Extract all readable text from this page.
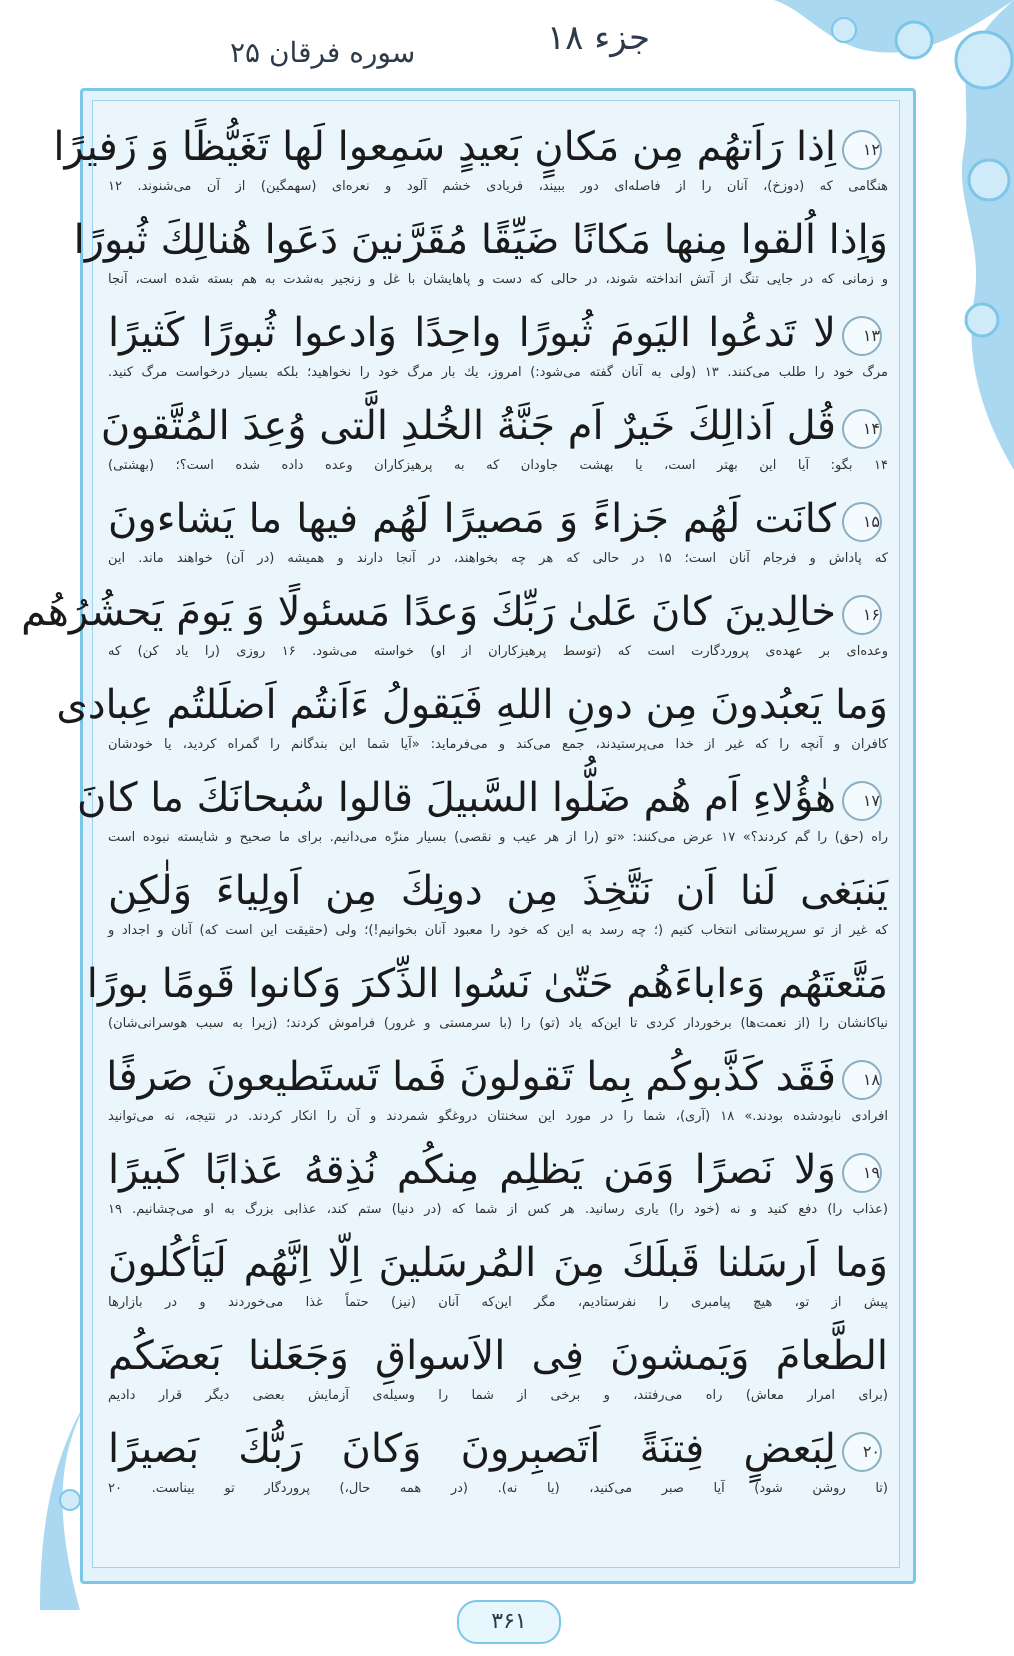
جزء ۱۸
سوره فرقان ۲۵
۱۲اِذا رَاَتهُم مِن مَكانٍ بَعيدٍ سَمِعوا لَها تَغَيُّظًا وَ زَفيرًا
هنگامی که (دوزخ)، آنان را از فاصله‌ای دور ببیند، فریادی خشم آلود و نعره‌ای (سهمگین) از آن می‌شنوند. ۱۲
وَاِذا اُلقوا مِنها مَكانًا ضَيِّقًا مُقَرَّنينَ دَعَوا هُنالِكَ ثُبورًا
و زمانی که در جایی تنگ از آتش انداخته شوند، در حالی که دست و پاهایشان با غل و زنجیر به‌شدت به هم بسته شده است، آنجا
۱۳لا تَدعُوا اليَومَ ثُبورًا واحِدًا وَادعوا ثُبورًا كَثيرًا
مرگ خود را طلب می‌کنند. ۱۳ (ولی به آنان گفته می‌شود:) امروز، یك بار مرگ خود را نخواهید؛ بلکه بسیار درخواست مرگ کنید.
۱۴قُل اَذالِكَ خَيرٌ اَم جَنَّةُ الخُلدِ الَّتی وُعِدَ المُتَّقونَ
۱۴ بگو: آیا این بهتر است، یا بهشت جاودان که به پرهیزکاران وعده داده شده است؟؛ (بهشتی)
۱۵كانَت لَهُم جَزاءً وَ مَصيرًا لَهُم فيها ما يَشاءونَ
که پاداش و فرجام آنان است؛ ۱۵ در حالی که هر چه بخواهند، در آنجا دارند و همیشه (در آن) خواهند ماند. این
۱۶خالِدينَ كانَ عَلىٰ رَبِّكَ وَعدًا مَسئولًا وَ يَومَ يَحشُرُهُم
وعده‌ای بر عهده‌ی پروردگارت است که (توسط پرهیزکاران از او) خواسته می‌شود. ۱۶ روزی (را یاد کن) که
وَما يَعبُدونَ مِن دونِ اللهِ فَيَقولُ ءَاَنتُم اَضلَلتُم عِبادی
کافران و آنچه را که غیر از خدا می‌پرستیدند، جمع می‌کند و می‌فرماید: «آیا شما این بندگانم را گمراه کردید، یا خودشان
۱۷هٰؤُلاءِ اَم هُم ضَلُّوا السَّبيلَ قالوا سُبحانَكَ ما كانَ
راه (حق) را گم کردند؟» ۱۷ عرض می‌کنند: «تو (را از هر عیب و نقصی) بسیار منزّه می‌دانیم. برای ما صحیح و شایسته نبوده است
يَنبَغی لَنا اَن نَتَّخِذَ مِن دونِكَ مِن اَولِياءَ وَلٰكِن
که غیر از تو سرپرستانی انتخاب کنیم (؛ چه رسد به این که خود را معبود آنان بخوانیم!)؛ ولی (حقیقت این است که) آنان و اجداد و
مَتَّعتَهُم وَءاباءَهُم حَتّىٰ نَسُوا الذِّكرَ وَكانوا قَومًا بورًا
نیاکانشان را (از نعمت‌ها) برخوردار کردی تا این‌که یاد (تو) را (با سرمستی و غرور) فراموش کردند؛ (زیرا به سبب هوسرانی‌شان)
۱۸فَقَد كَذَّبوكُم بِما تَقولونَ فَما تَستَطيعونَ صَرفًا
افرادی نابودشده بودند.» ۱۸ (آری)، شما را در مورد این سخنتان دروغگو شمردند و آن را انکار کردند. در نتیجه، نه می‌توانید
۱۹وَلا نَصرًا وَمَن يَظلِم مِنكُم نُذِقهُ عَذابًا كَبيرًا
(عذاب را) دفع کنید و نه (خود را) یاری رسانید. هر کس از شما که (در دنیا) ستم کند، عذابی بزرگ به او می‌چشانیم. ۱۹
وَما اَرسَلنا قَبلَكَ مِنَ المُرسَلينَ اِلّا اِنَّهُم لَيَأكُلونَ
پیش از تو، هیچ پیامبری را نفرستادیم، مگر این‌که آنان (نیز) حتماً غذا می‌خوردند و در بازارها
الطَّعامَ وَيَمشونَ فِی الاَسواقِ وَجَعَلنا بَعضَكُم
(برای امرار معاش) راه می‌رفتند، و برخی از شما را وسیله‌ی آزمایش بعضی دیگر قرار دادیم
۲۰لِبَعضٍ فِتنَةً اَتَصبِرونَ وَكانَ رَبُّكَ بَصيرًا
(تا روشن شود) آیا صبر می‌کنید، (یا نه). (در همه حال،) پروردگار تو بیناست. ۲۰
۳۶۱
